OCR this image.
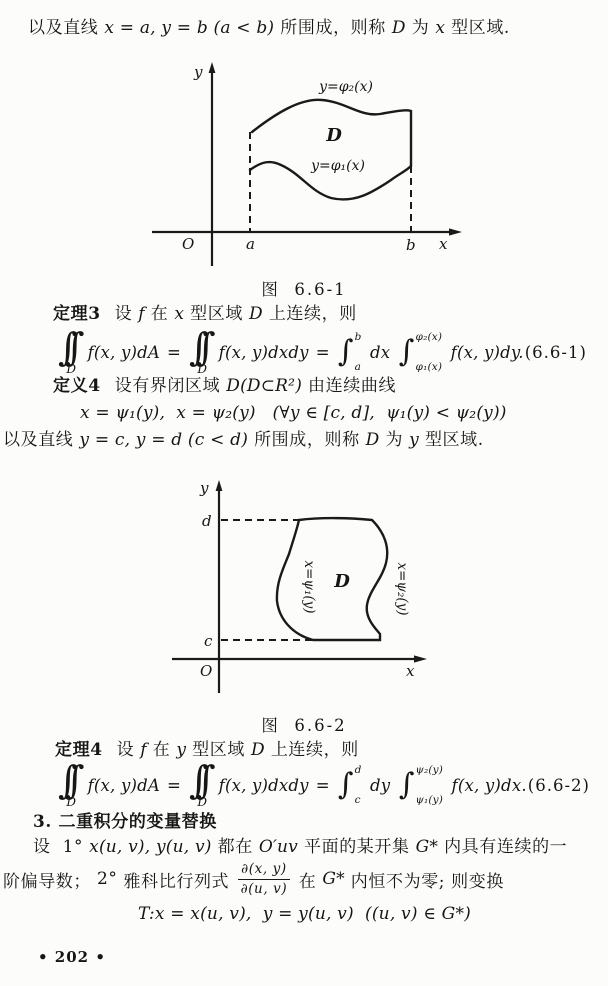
以及直线 x = a, y = b (a < b) 所围成，则称 D 为 x 型区域.
y=φ₂(x)
D
y=φ₁(x)
y
x
O	a	b
图  6.6-1
定理3 设 f 在 x 型区域 D 上连续，则
∫∫
D
f(x, y)dA = ∫∫
D
f(x, y)dxdy = ∫ b
a
dx ∫ φ₂(x)
φ₁(x)
f(x, y)dy. (6.6-1)
定义4 设有界闭区域 D(D⊂R²) 由连续曲线
x = ψ₁(y),  x = ψ₂(y)   (∀y ∈ [c, d],  ψ₁(y) < ψ₂(y))
以及直线 y = c, y = d (c < d) 所围成，则称 D 为 y 型区域.
D
x=ψ₁(y)	x=ψ₂(y)
y
d
c
O	x
图  6.6-2
定理4 设 f 在 y 型区域 D 上连续，则
∫∫
D
f(x, y)dA = ∫∫
D
f(x, y)dxdy = ∫ d
c
dy ∫ ψ₂(y)
ψ₁(y)
f(x, y)dx. (6.6-2)
3. 二重积分的变量替换
设  1° x(u, v), y(u, v) 都在 O′uv 平面的某开集 G* 内具有连续的一
阶偏导数； 2° 雅科比行列式 $\frac{\partial(x, y)}{\partial(u, v)}$ 在 G* 内恒不为零; 则变换
T:x = x(u, v),  y = y(u, v)  ((u, v) ∈ G*)
• 202 •
